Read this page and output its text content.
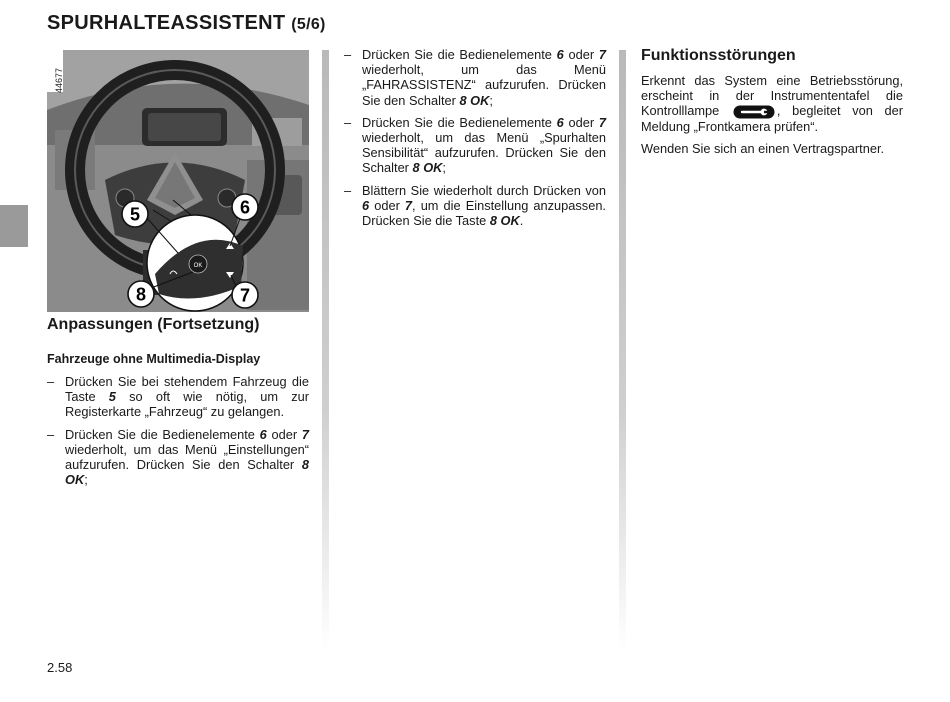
SPURHALTEASSISTENT (5/6)
OK
5	6
8	7
44677
Anpassungen (Fortsetzung)
Fahrzeuge ohne Multimedia-Display
– Drücken Sie bei stehendem Fahrzeug die Taste 5 so oft wie nötig, um zur Registerkarte „Fahrzeug“ zu gelangen.
– Drücken Sie die Bedienelemente 6 oder 7 wiederholt, um das Menü „Einstellungen“ aufzurufen. Drücken Sie den Schalter 8 OK;
– Drücken Sie die Bedienelemente 6 oder 7 wiederholt, um das Menü „FAHRASSISTENZ“ aufzurufen. Drücken Sie den Schalter 8 OK;
– Drücken Sie die Bedienelemente 6 oder 7 wiederholt, um das Menü „Spurhalten Sensibilität“ aufzurufen. Drücken Sie den Schalter 8 OK;
– Blättern Sie wiederholt durch Drücken von 6 oder 7, um die Einstellung anzupassen. Drücken Sie die Taste 8 OK.
Funktionsstörungen

Erkennt das System eine Betriebsstörung, erscheint in der Instrumententafel die Kontrolllampe	, begleitet von der Meldung „Frontkamera prüfen“.

Wenden Sie sich an einen Vertragspartner.

2.58
